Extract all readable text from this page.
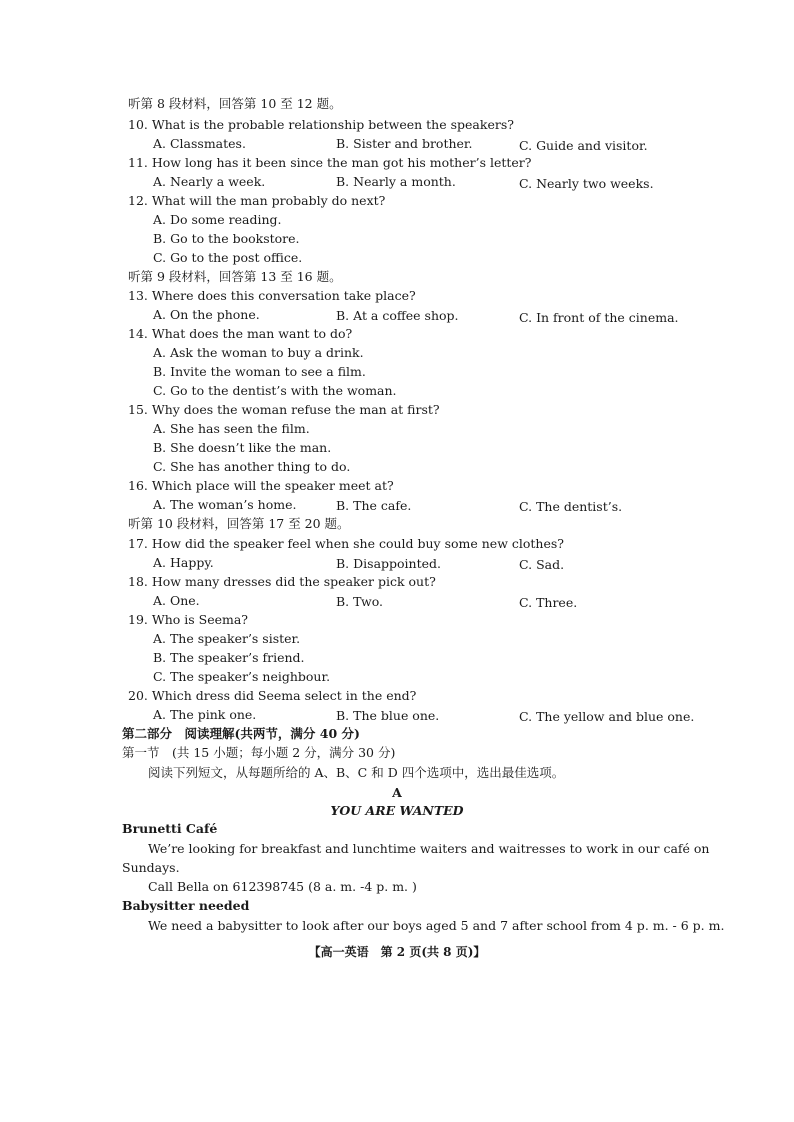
听第 8 段材料，回答第 10 至 12 题。
10. What is the probable relationship between the speakers?
A. Classmates.	B. Sister and brother.	C. Guide and visitor.
11. How long has it been since the man got his mother’s letter?
A. Nearly a week.	B. Nearly a month.	C. Nearly two weeks.
12. What will the man probably do next?
A. Do some reading.
B. Go to the bookstore.
C. Go to the post office.
听第 9 段材料，回答第 13 至 16 题。
13. Where does this conversation take place?
A. On the phone.	B. At a coffee shop.	C. In front of the cinema.
14. What does the man want to do?
A. Ask the woman to buy a drink.
B. Invite the woman to see a film.
C. Go to the dentist’s with the woman.
15. Why does the woman refuse the man at first?
A. She has seen the film.
B. She doesn’t like the man.
C. She has another thing to do.
16. Which place will the speaker meet at?
A. The woman’s home.	B. The cafe.	C. The dentist’s.
听第 10 段材料，回答第 17 至 20 题。
17. How did the speaker feel when she could buy some new clothes?
A. Happy.	B. Disappointed.	C. Sad.
18. How many dresses did the speaker pick out?
A. One.	B. Two.	C. Three.
19. Who is Seema?
A. The speaker’s sister.
B. The speaker’s friend.
C. The speaker’s neighbour.
20. Which dress did Seema select in the end?
A. The pink one.	B. The blue one.	C. The yellow and blue one.
第二部分　阅读理解(共两节，满分 40 分)
第一节　(共 15 小题；每小题 2 分，满分 30 分)
阅读下列短文，从每题所给的 A、B、C 和 D 四个选项中，选出最佳选项。
A
YOU ARE WANTED
Brunetti Café
We’re looking for breakfast and lunchtime waiters and waitresses to work in our café on
Sundays.
Call Bella on 612398745 (8 a. m. -4 p. m. )
Babysitter needed
We need a babysitter to look after our boys aged 5 and 7 after school from 4 p. m. - 6 p. m.
【高一英语　第 2 页(共 8 页)】
